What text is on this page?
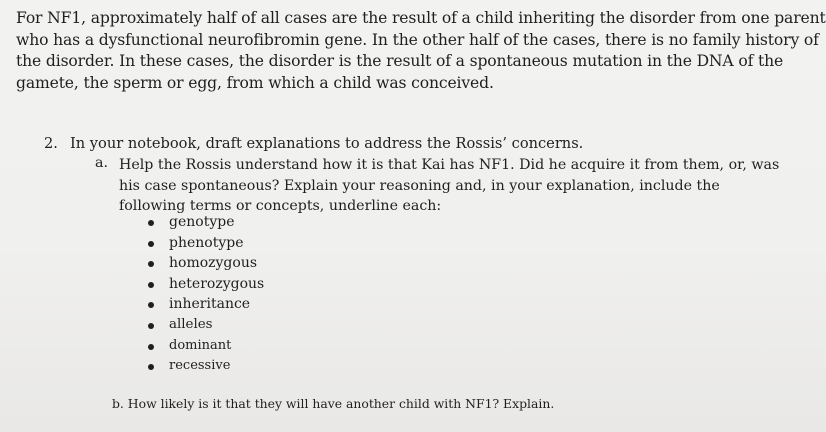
For NF1, approximately half of all cases are the result of a child inheriting the disorder from one parent
who has a dysfunctional neurofibromin gene. In the other half of the cases, there is no family history of
the disorder. In these cases, the disorder is the result of a spontaneous mutation in the DNA of the
gamete, the sperm or egg, from which a child was conceived.
2. In your notebook, draft explanations to address the Rossis’ concerns.
a. Help the Rossis understand how it is that Kai has NF1. Did he acquire it from them, or, was
his case spontaneous? Explain your reasoning and, in your explanation, include the
following terms or concepts, underline each:
genotype
phenotype
homozygous
heterozygous
inheritance
alleles
dominant
recessive
b. How likely is it that they will have another child with NF1? Explain.
